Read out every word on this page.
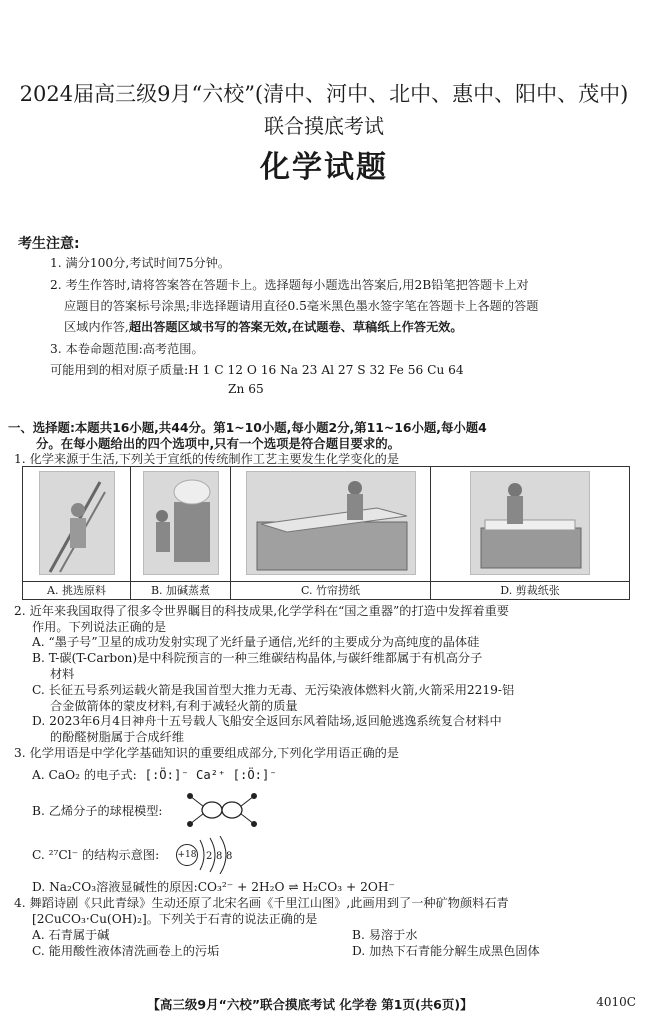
2024届高三级9月“六校”(清中、河中、北中、惠中、阳中、茂中)
联合摸底考试
化学试题
考生注意:
1. 满分100分,考试时间75分钟。
2. 考生作答时,请将答案答在答题卡上。选择题每小题选出答案后,用2B铅笔把答题卡上对
应题目的答案标号涂黑;非选择题请用直径0.5毫米黑色墨水签字笔在答题卡上各题的答题
区域内作答,超出答题区域书写的答案无效,在试题卷、草稿纸上作答无效。
3. 本卷命题范围:高考范围。
可能用到的相对原子质量:H 1 C 12 O 16 Na 23 Al 27 S 32 Fe 56 Cu 64
Zn 65
一、选择题:本题共16小题,共44分。第1~10小题,每小题2分,第11~16小题,每小题4
分。在每小题给出的四个选项中,只有一个选项是符合题目要求的。
1. 化学来源于生活,下列关于宣纸的传统制作工艺主要发生化学变化的是
A. 挑选原料	B. 加碱蒸煮	C. 竹帘捞纸	D. 剪裁纸张
2. 近年来我国取得了很多令世界瞩目的科技成果,化学学科在“国之重器”的打造中发挥着重要
作用。下列说法正确的是
A. “墨子号”卫星的成功发射实现了光纤量子通信,光纤的主要成分为高纯度的晶体硅
B. T-碳(T-Carbon)是中科院预言的一种三维碳结构晶体,与碳纤维都属于有机高分子
材料
C. 长征五号系列运载火箭是我国首型大推力无毒、无污染液体燃料火箭,火箭采用2219-铝
合金做箭体的蒙皮材料,有利于减轻火箭的质量
D. 2023年6月4日神舟十五号载人飞船安全返回东风着陆场,返回舱逃逸系统复合材料中
的酚醛树脂属于合成纤维
3. 化学用语是中学化学基础知识的重要组成部分,下列化学用语正确的是
A. CaO₂ 的电子式: [:Ö:]⁻ Ca²⁺ [:Ö:]⁻
B. 乙烯分子的球棍模型:
C. ²⁷Cl⁻ 的结构示意图: +18 2 8 8
D. Na₂CO₃溶液显碱性的原因:CO₃²⁻ + 2H₂O ⇌ H₂CO₃ + 2OH⁻
4. 舞蹈诗剧《只此青绿》生动还原了北宋名画《千里江山图》,此画用到了一种矿物颜料石青
[2CuCO₃·Cu(OH)₂]。下列关于石青的说法正确的是
A. 石青属于碱	B. 易溶于水
C. 能用酸性液体清洗画卷上的污垢	D. 加热下石青能分解生成黑色固体
【高三级9月“六校”联合摸底考试 化学卷 第1页(共6页)】	4010C
